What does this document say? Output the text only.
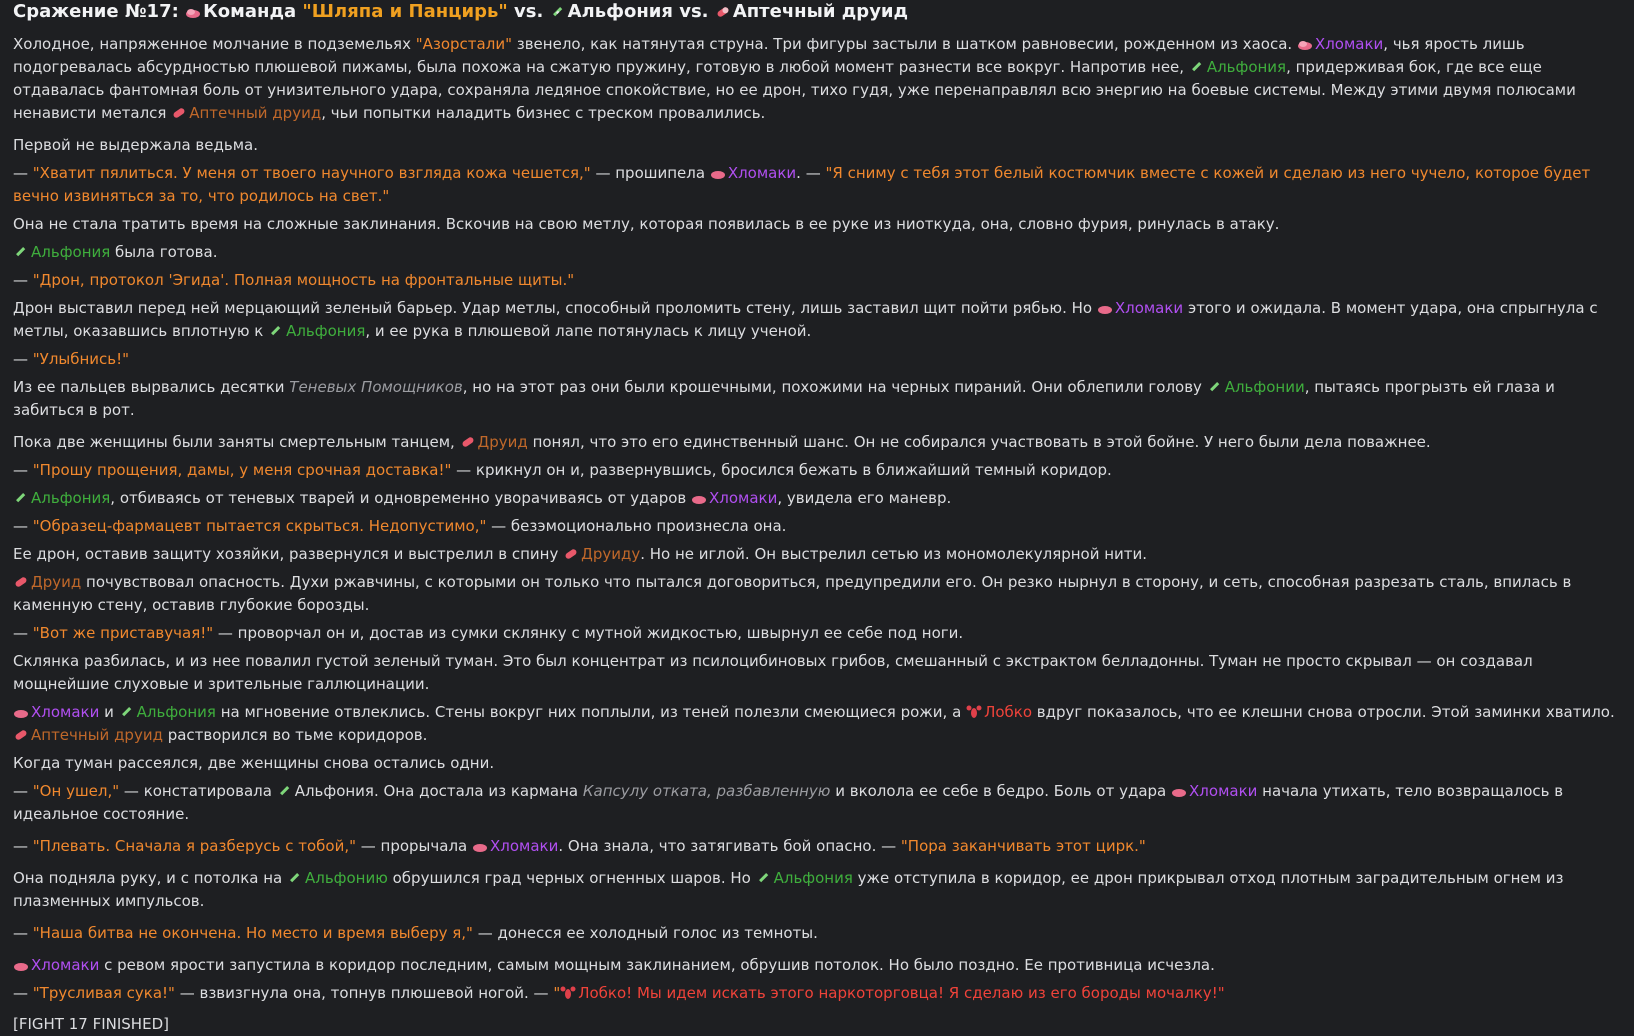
Сражение №17: Команда "Шляпа и Панцирь" vs. Альфония vs. Аптечный друид

Холодное, напряженное молчание в подземельях "Азорстали" звенело, как натянутая струна. Три фигуры застыли в шатком равновесии, рожденном из хаоса.
Хломаки, чья ярость лишь подогревалась абсурдностью плюшевой пижамы, была похожа на сжатую пружину, готовую в любой момент разнести все вокруг. Напротив нее,
Альфония, придерживая бок, где все еще отдавалась фантомная боль от унизительного удара, сохраняла ледяное спокойствие, но ее дрон, тихо гудя, уже перенаправлял всю энергию на боевые системы. Между этими двумя полюсами ненависти метался
Аптечный друид, чьи попытки наладить бизнес с треском провалились.

Первой не выдержала ведьма.

— "Хватит пялиться. У меня от твоего научного взгляда кожа чешется," — прошипела
Хломаки. — "Я сниму с тебя этот белый костюмчик вместе с кожей и сделаю из него чучело, которое будет вечно извиняться за то, что родилось на свет."

Она не стала тратить время на сложные заклинания. Вскочив на свою метлу, которая появилась в ее руке из ниоткуда, она, словно фурия, ринулась в атаку.

Альфония была готова.

— "Дрон, протокол 'Эгида'. Полная мощность на фронтальные щиты."

Дрон выставил перед ней мерцающий зеленый барьер. Удар метлы, способный проломить стену, лишь заставил щит пойти рябью. Но
Хломаки этого и ожидала. В момент удара, она спрыгнула с метлы, оказавшись вплотную к
Альфония, и ее рука в плюшевой лапе потянулась к лицу ученой.

— "Улыбнись!"

Из ее пальцев вырвались десятки Теневых Помощников, но на этот раз они были крошечными, похожими на черных пираний. Они облепили голову
Альфонии, пытаясь прогрызть ей глаза и забиться в рот.

Пока две женщины были заняты смертельным танцем,
Друид понял, что это его единственный шанс. Он не собирался участвовать в этой бойне. У него были дела поважнее.

— "Прошу прощения, дамы, у меня срочная доставка!" — крикнул он и, развернувшись, бросился бежать в ближайший темный коридор.

Альфония, отбиваясь от теневых тварей и одновременно уворачиваясь от ударов
Хломаки, увидела его маневр.

— "Образец-фармацевт пытается скрыться. Недопустимо," — безэмоционально произнесла она.

Ее дрон, оставив защиту хозяйки, развернулся и выстрелил в спину
Друиду. Но не иглой. Он выстрелил сетью из мономолекулярной нити.

Друид почувствовал опасность. Духи ржавчины, с которыми он только что пытался договориться, предупредили его. Он резко нырнул в сторону, и сеть, способная разрезать сталь, впилась в каменную стену, оставив глубокие борозды.

— "Вот же приставучая!" — проворчал он и, достав из сумки склянку с мутной жидкостью, швырнул ее себе под ноги.

Склянка разбилась, и из нее повалил густой зеленый туман. Это был концентрат из псилоцибиновых грибов, смешанный с экстрактом белладонны. Туман не просто скрывал — он создавал мощнейшие слуховые и зрительные галлюцинации.

Хломаки и
Альфония на мгновение отвлеклись. Стены вокруг них поплыли, из теней полезли смеющиеся рожи, а
Лобко вдруг показалось, что ее клешни снова отросли. Этой заминки хватило.
Аптечный друид растворился во тьме коридоров.

Когда туман рассеялся, две женщины снова остались одни.

— "Он ушел," — констатировала
Альфония. Она достала из кармана Капсулу отката, разбавленную и вколола ее себе в бедро. Боль от удара
Хломаки начала утихать, тело возвращалось в идеальное состояние.

— "Плевать. Сначала я разберусь с тобой," — прорычала
Хломаки. Она знала, что затягивать бой опасно. — "Пора заканчивать этот цирк."

Она подняла руку, и с потолка на
Альфонию обрушился град черных огненных шаров. Но
Альфония уже отступила в коридор, ее дрон прикрывал отход плотным заградительным огнем из плазменных импульсов.

— "Наша битва не окончена. Но место и время выберу я," — донесся ее холодный голос из темноты.

Хломаки с ревом ярости запустила в коридор последним, самым мощным заклинанием, обрушив потолок. Но было поздно. Ее противница исчезла.

— "Трусливая сука!" — взвизгнула она, топнув плюшевой ногой. — " Лобко! Мы идем искать этого наркоторговца! Я сделаю из его бороды мочалку!"

[FIGHT 17 FINISHED]
